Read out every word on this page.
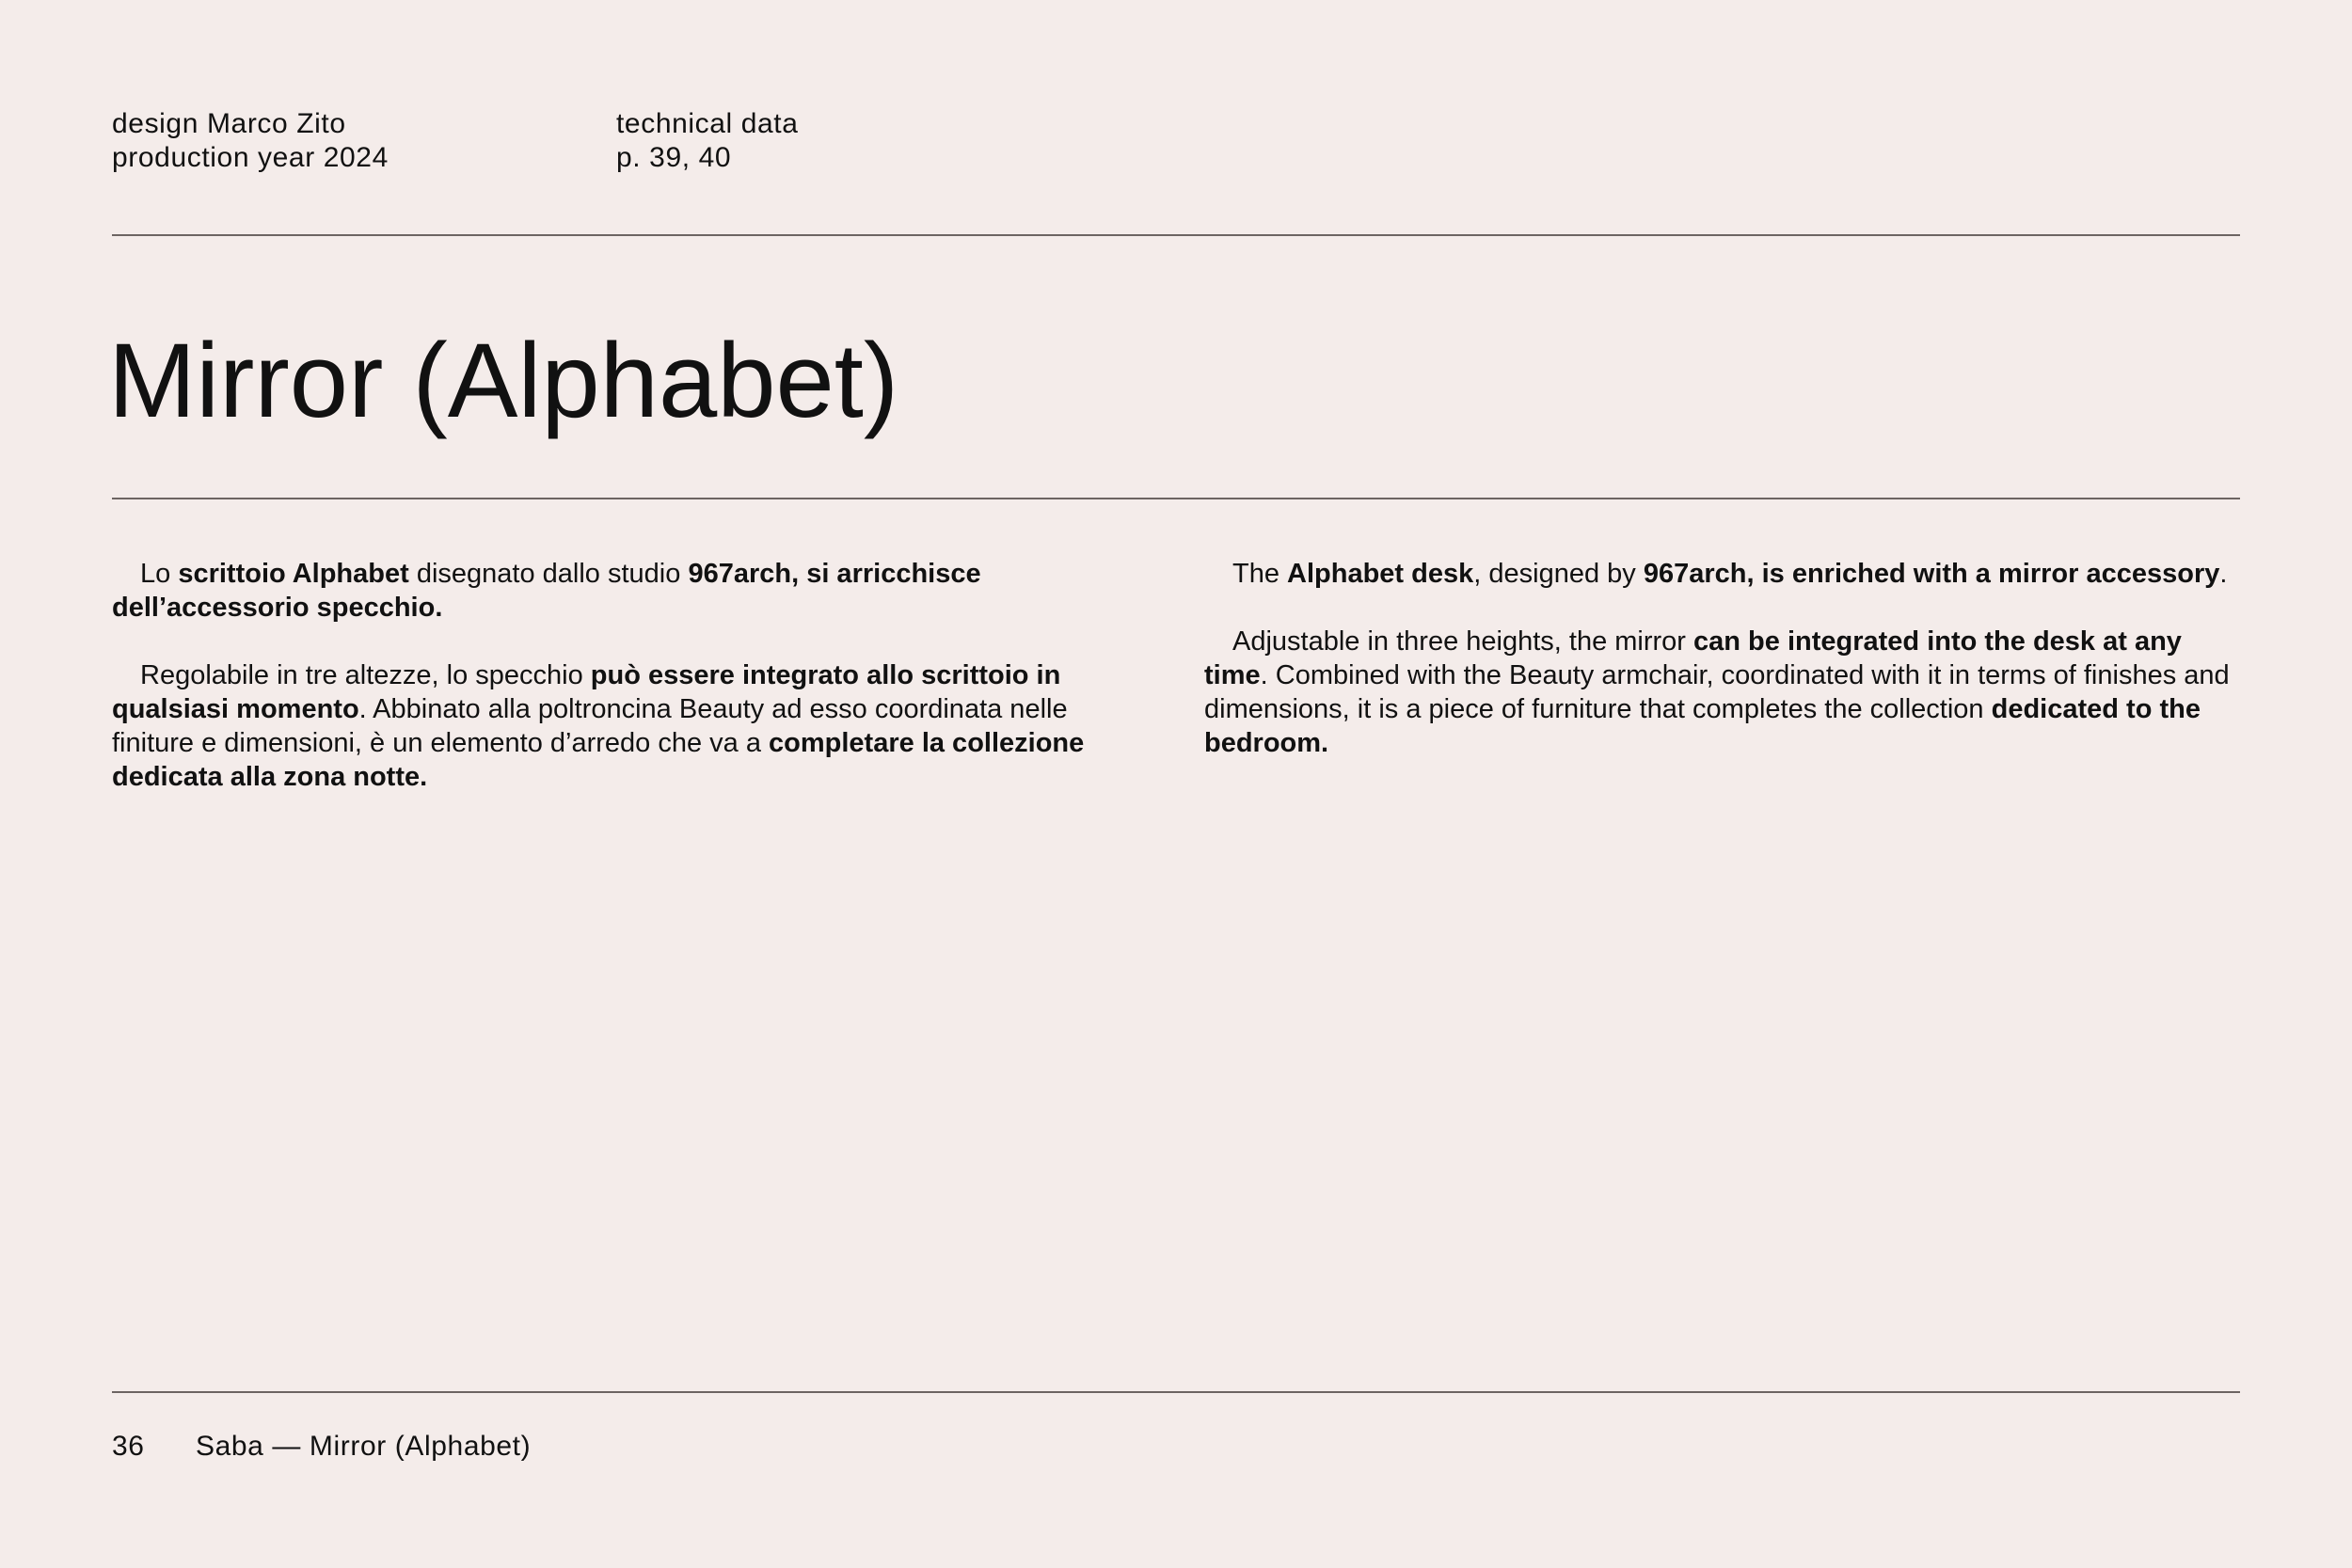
design Marco Zito
production year 2024
technical data
p. 39, 40
Mirror (Alphabet)

Lo scrittoio Alphabet disegnato dallo studio 967arch, si arricchisce dell’accessorio specchio.

Regolabile in tre altezze, lo specchio può essere integrato allo scrittoio in qualsiasi momento. Abbinato alla poltroncina Beauty ad esso coordinata nelle finiture e dimensioni, è un elemento d’arredo che va a completare la collezione dedicata alla zona notte.

The Alphabet desk, designed by 967arch, is enriched with a mirror accessory.

Adjustable in three heights, the mirror can be integrated into the desk at any time. Combined with the Beauty armchair, coordinated with it in terms of finishes and dimensions, it is a piece of furniture that completes the collection dedicated to the bedroom.

36 Saba — Mirror (Alphabet)
